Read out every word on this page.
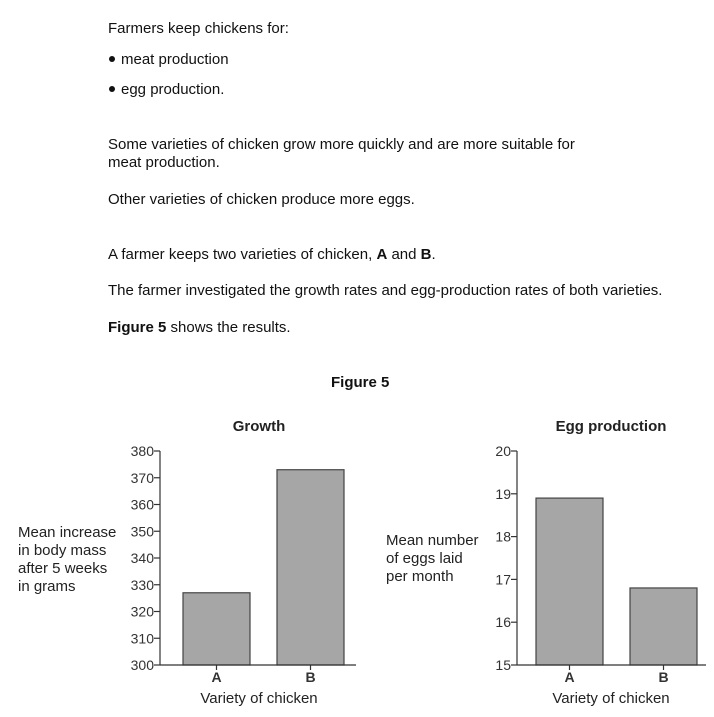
Farmers keep chickens for:
meat production
egg production.
Some varieties of chicken grow more quickly and are more suitable for
meat production.
Other varieties of chicken produce more eggs.
A farmer keeps two varieties of chicken, A and B.
The farmer investigated the growth rates and egg-production rates of both varieties.
Figure 5 shows the results.
Figure 5
300
310
320
330
340
350
360
370
380
A	B
Growth
Mean increase
in body mass
after 5 weeks
in grams
Variety of chicken
15
16
17
18
19
20
A	B
Egg production
Mean number
of eggs laid
per month
Variety of chicken
